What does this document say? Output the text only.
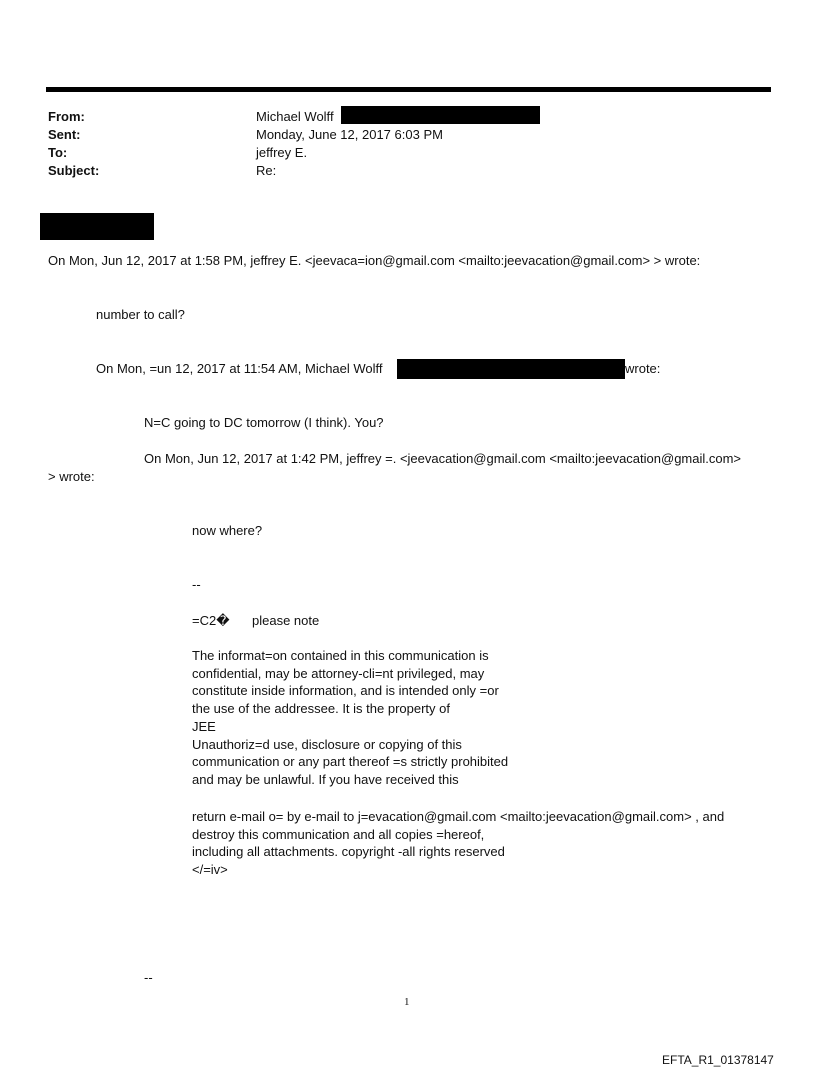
From:
Sent:
To:
Subject:
Michael Wolff
Monday, June 12, 2017 6:03 PM
jeffrey E.
Re:
On Mon, Jun 12, 2017 at 1:58 PM, jeffrey E. <jeevaca=ion@gmail.com <mailto:jeevacation@gmail.com> > wrote:
number to call?
On Mon, =un 12, 2017 at 11:54 AM, Michael Wolff	wrote:
N=C going to DC tomorrow (I think). You?
On Mon, Jun 12, 2017 at 1:42 PM, jeffrey =. <jeevacation@gmail.com <mailto:jeevacation@gmail.com>
> wrote:
now where?
--
=C2� please note
The informat=on contained in this communication is
confidential, may be attorney-cli=nt privileged, may
constitute inside information, and is intended only =or
the use of the addressee. It is the property of
JEE
Unauthoriz=d use, disclosure or copying of this
communication or any part thereof =s strictly prohibited
and may be unlawful. If you have received this
return e-mail o= by e-mail to j=evacation@gmail.com <mailto:jeevacation@gmail.com> , and
destroy this communication and all copies =hereof,
including all attachments. copyright -all rights reserved
</=iv>
--
1
EFTA_R1_01378147
